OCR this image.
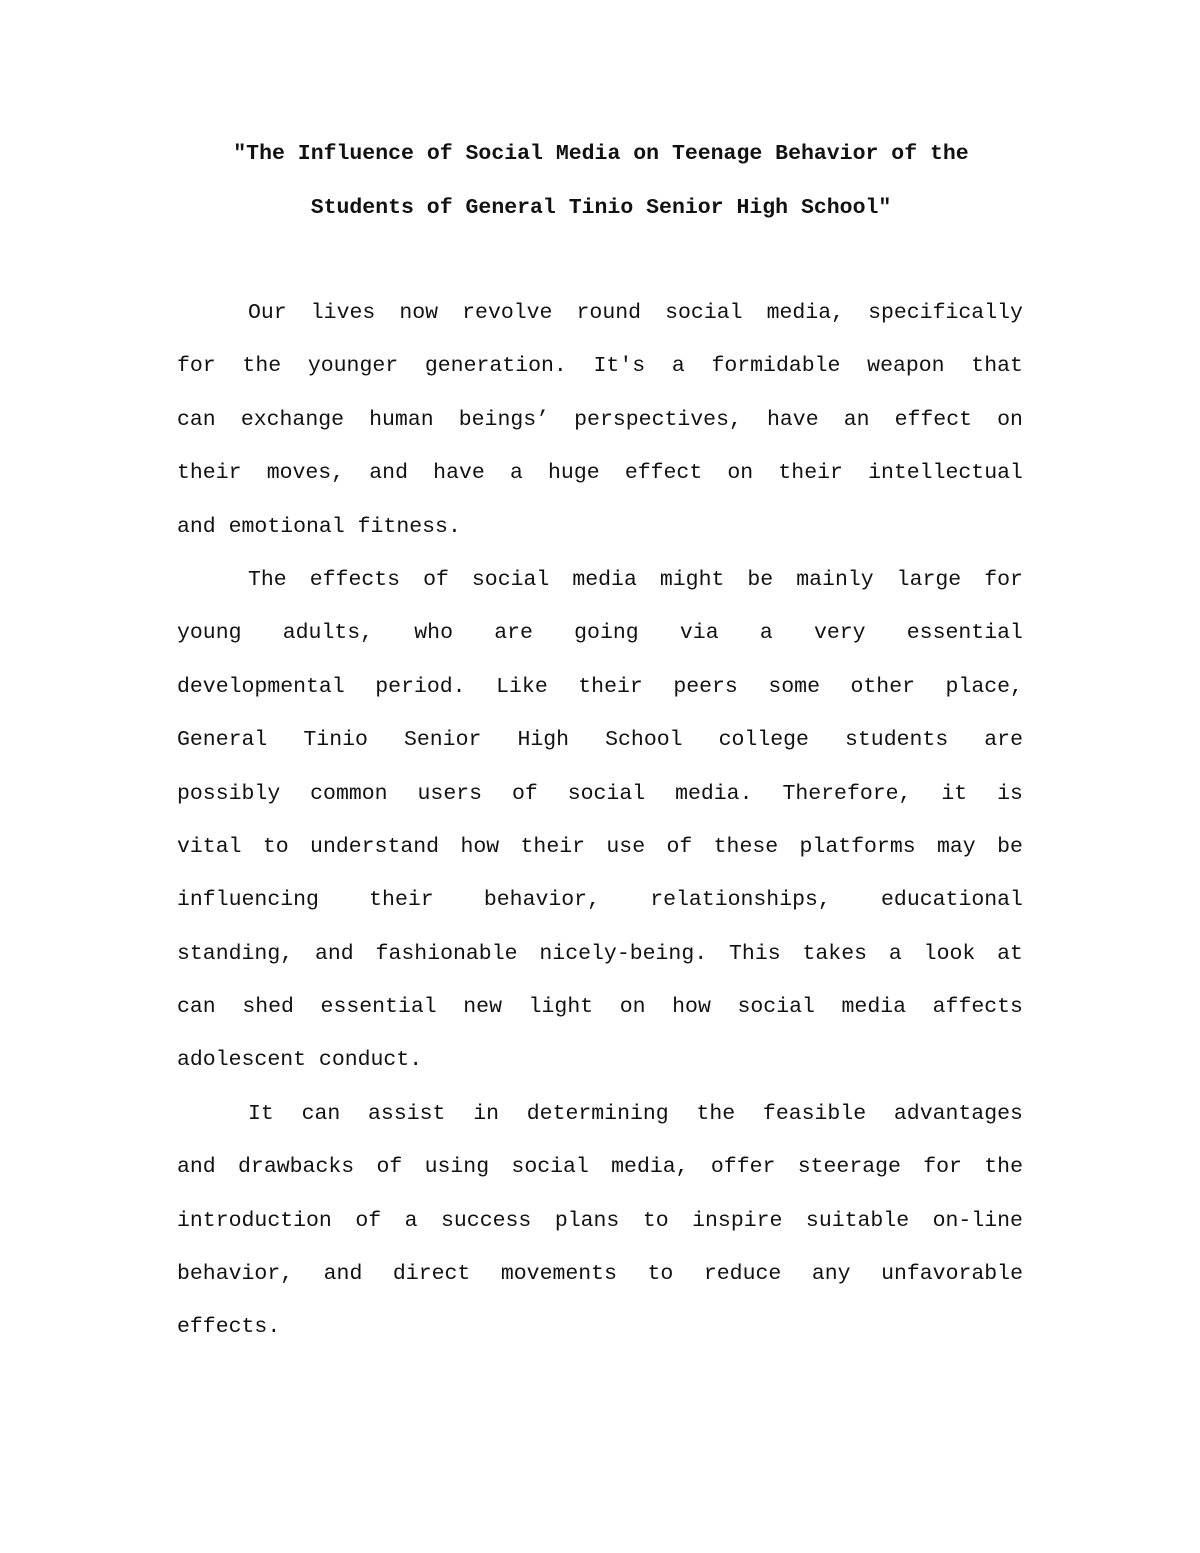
"The Influence of Social Media on Teenage Behavior of the
Students of General Tinio Senior High School"
Our lives now revolve round social media, specifically
for the younger generation. It's a formidable weapon that
can exchange human beings’ perspectives, have an effect on
their moves, and have a huge effect on their intellectual
and emotional fitness.
The effects of social media might be mainly large for
young adults, who are going via a very essential
developmental period. Like their peers some other place,
General Tinio Senior High School college students are
possibly common users of social media. Therefore, it is
vital to understand how their use of these platforms may be
influencing their behavior, relationships, educational
standing, and fashionable nicely-being. This takes a look at
can shed essential new light on how social media affects
adolescent conduct.
It can assist in determining the feasible advantages
and drawbacks of using social media, offer steerage for the
introduction of a success plans to inspire suitable on-line
behavior, and direct movements to reduce any unfavorable
effects.
